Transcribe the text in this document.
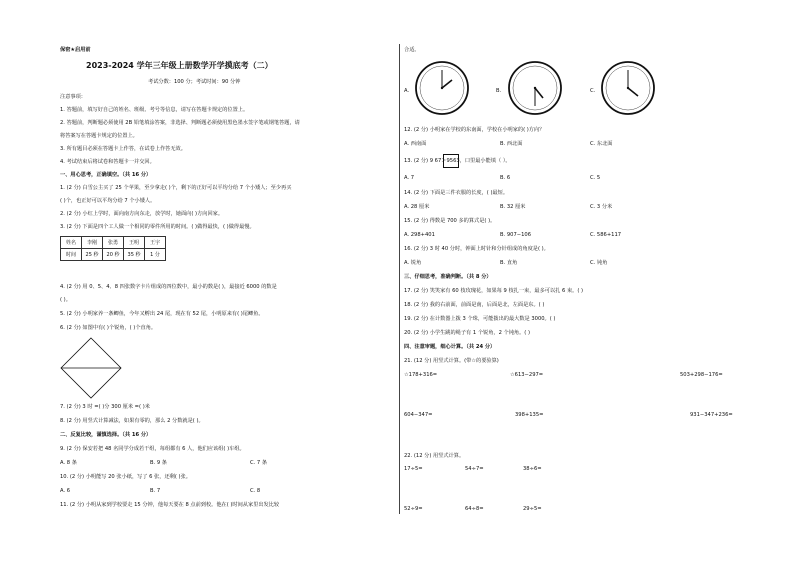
保密★启用前
2023-2024 学年三年级上册数学开学摸底考（二）
考试分数：100 分；考试时间：90 分钟
注意事项：
1. 答题前，填写好自己的姓名、班级、考号等信息，请写在答题卡规定的位置上。
2. 答题前，判断题必须使用 2B 铅笔填涂答案，非选择、判断题必须使用黑色墨水签字笔或钢笔答题，请
将答案写在答题卡规定的位置上。
3. 所有题目必须在答题卡上作答，在试卷上作答无效。
4. 考试结束后将试卷和答题卡一并交回。
一、用心思考，正确填空。（共 16 分）
1. (2 分) 白雪公主买了 25 个苹果，至少拿走( )个，剩下的正好可以平均分给 7 个小矮人；至少再买
( )个，也正好可以平均分给 7 个小矮人。
2. (2 分) 小红上学时，面向南方向东走，放学时，她面向( )方向回家。
3. (2 分) 下面是四个工人做一个相同的零件所用的时间。( )做得最快，( )做得最慢。
姓名	李刚	张勇	王明	王宇
时间	25 秒	20 秒	35 秒	1 分
4. (2 分) 用 0、5、4、8 四张数字卡片组成的四位数中，最小的数是( )，最接近 6000 的数是
( )。
5. (2 分) 小明家养一条鲫鱼，今年又孵出 24 尾，现在有 52 尾，小明原来有( )尾鲫鱼。
6. (2 分) 如图中有( )个锐角，( )个直角。
7. (2 分) 3 时 =( )分 300 厘米 =( )米
8. (2 分) 用竖式计算减法，如果有零的，那么 2 分数就是( )。
二、反复比较，谨慎选择。（共 16 分）
9. (2 分) 保安若把 48 名同学分成若干组，每组都有 6 人，他们应该组( )车组。
A. 8 条	B. 9 条	C. 7 条
10. (2 分) 小明能写 20 张小纸，写了 6 张，还剩( )张。
A. 6	B. 7	C. 8
11. (2 分) 小明从家到学校要走 15 分钟，他每天要在 8 点前到校。他在( )时间从家里出发比较
合适。
A.	B.	C.
12. (2 分) 小明家在学校的东南面，学校在小明家的( )方向？
A. 西南面	B. 西北面	C. 东北面
13. (2 分) 9 67＞9563，口里最小能填（ ）。
A. 7	B. 6	C. 5
14. (2 分) 下面是三件衣服的长度，( )最短。
A. 28 厘米	B. 32 厘米	C. 3 分米
15. (2 分) 得数是 700 多的算式是( )。
A. 298+401	B. 907−106	C. 586+117
16. (2 分) 3 时 40 分时，钟面上时针和分针组成的角度是( )。
A. 锐角	B. 直角	C. 钝角
三、仔细思考，准确判断。（共 8 分）
17. (2 分) 笑笑家有 60 枝玫瑰花，如果每 9 枝扎一束，最多可以扎 6 束。( )
18. (2 分) 我的右前面，前面是南，后面是北，左面是东。( )
19. (2 分) 在计数器上拨 3 个珠，可能拨出的最大数是 3000。( )
20. (2 分) 小学生跳的绳子有 1 个锐角，2 个钝角。( )
四、注意审题，细心计算。（共 24 分）
21. (12 分) 用竖式计算。(带☆的要验算)
☆178+316=	☆613−297=	503+298−176=
604−347=	398+135=	931−347+236=
22. (12 分) 用竖式计算。
17÷5=	54÷7=	38÷6=
52÷9=	64÷8=	29÷5=
